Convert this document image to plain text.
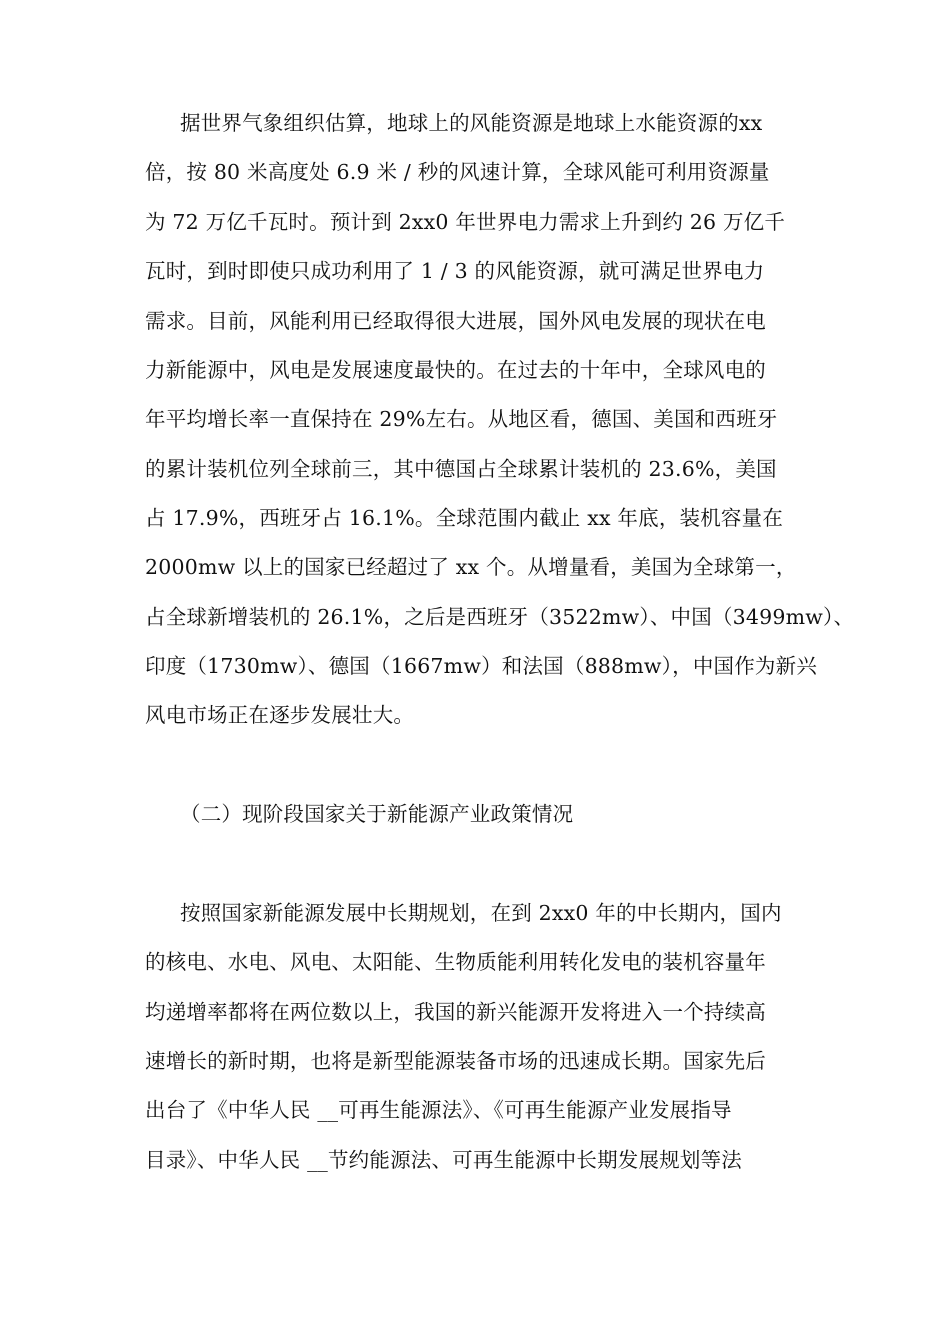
据世界气象组织估算，地球上的风能资源是地球上水能资源的xx
倍，按 80 米高度处 6.9 米 / 秒的风速计算，全球风能可利用资源量
为 72 万亿千瓦时。预计到 2xx0 年世界电力需求上升到约 26 万亿千
瓦时，到时即使只成功利用了 1 / 3 的风能资源，就可满足世界电力
需求。目前，风能利用已经取得很大进展，国外风电发展的现状在电
力新能源中，风电是发展速度最快的。在过去的十年中，全球风电的
年平均增长率一直保持在 29%左右。从地区看，德国、美国和西班牙
的累计装机位列全球前三，其中德国占全球累计装机的 23.6%，美国
占 17.9%，西班牙占 16.1%。全球范围内截止 xx 年底，装机容量在
2000mw 以上的国家已经超过了 xx 个。从增量看，美国为全球第一，
占全球新增装机的 26.1%，之后是西班牙（3522mw）、中国（3499mw）、
印度（1730mw）、德国（1667mw）和法国（888mw），中国作为新兴
风电市场正在逐步发展壮大。
（二）现阶段国家关于新能源产业政策情况
按照国家新能源发展中长期规划，在到 2xx0 年的中长期内，国内
的核电、水电、风电、太阳能、生物质能利用转化发电的装机容量年
均递增率都将在两位数以上，我国的新兴能源开发将进入一个持续高
速增长的新时期，也将是新型能源装备市场的迅速成长期。国家先后
出台了《中华人民 __可再生能源法》、《可再生能源产业发展指导
目录》、中华人民 __节约能源法、可再生能源中长期发展规划等法
